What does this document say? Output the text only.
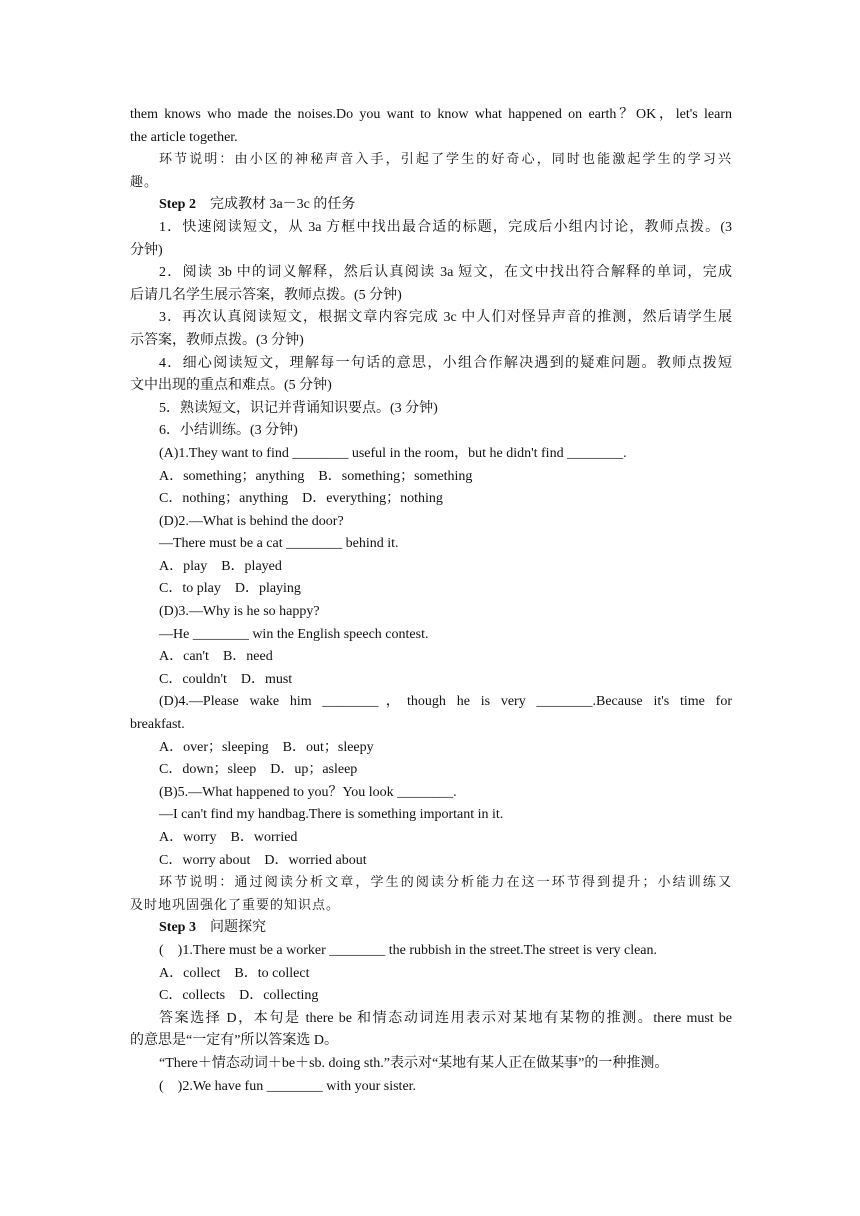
them knows who made the noises.Do you want to know what happened on earth？OK，let's learn

the article together.

环节说明：由小区的神秘声音入手，引起了学生的好奇心，同时也能激起学生的学习兴

趣。

Step 2　 完成教材 3a－3c 的任务

1．快速阅读短文，从 3a 方框中找出最合适的标题，完成后小组内讨论，教师点拨。(3

分钟)

2．阅读 3b 中的词义解释，然后认真阅读 3a 短文，在文中找出符合解释的单词，完成

后请几名学生展示答案，教师点拨。(5 分钟)

3．再次认真阅读短文，根据文章内容完成 3c 中人们对怪异声音的推测，然后请学生展

示答案，教师点拨。(3 分钟)

4．细心阅读短文，理解每一句话的意思，小组合作解决遇到的疑难问题。教师点拨短

文中出现的重点和难点。(5 分钟)

5．熟读短文，识记并背诵知识要点。(3 分钟)

6．小结训练。(3 分钟)

(A)1.They want to find ________ useful in the room，but he didn't find ________.

A．something；anything　B．something；something

C．nothing；anything　D．everything；nothing

(D)2.—What is behind the door?

—There must be a cat ________ behind it.

A．play　B．played

C．to play　D．playing

(D)3.—Why is he so happy?

—He ________ win the English speech contest.

A．can't　B．need

C．couldn't　D．must

(D)4.—Please wake him ________，though he is very ________.Because it's time for

breakfast.

A．over；sleeping　B．out；sleepy

C．down；sleep　D．up；asleep

(B)5.—What happened to you？You look ________.

—I can't find my handbag.There is something important in it.

A．worry　B．worried

C．worry about　D．worried about

环节说明：通过阅读分析文章，学生的阅读分析能力在这一环节得到提升；小结训练又

及时地巩固强化了重要的知识点。

Step 3　 问题探究

(　)1.There must be a worker ________ the rubbish in the street.The street is very clean.

A．collect　B．to collect

C．collects　D．collecting

答案选择 D，本句是 there be 和情态动词连用表示对某地有某物的推测。there must be

的意思是“一定有”所以答案选 D。

“There＋情态动词＋be＋sb. doing sth.”表示对“某地有某人正在做某事”的一种推测。

(　)2.We have fun ________ with your sister.
